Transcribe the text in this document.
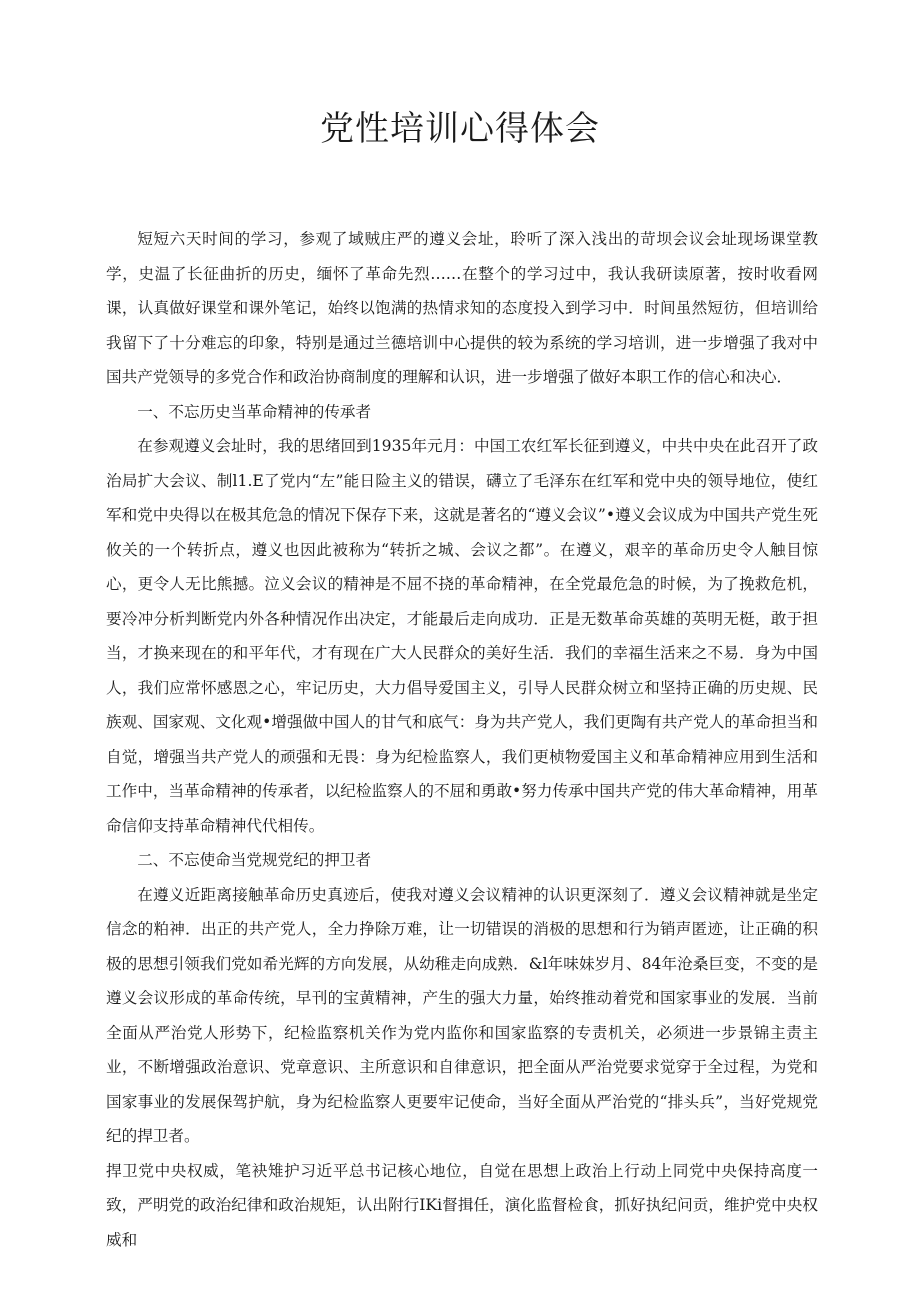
党性培训心得体会

短短六天时间的学习，参观了域贼庄严的遵义会址，聆听了深入浅出的苛坝会议会址现场课堂教学，史温了长征曲折的历史，缅怀了革命先烈……在整个的学习过中，我认我研读原著，按时收看网课，认真做好课堂和课外笔记，始终以饱满的热情求知的态度投入到学习中．时间虽然短彷，但培训给我留下了十分难忘的印象，特别是通过兰德培训中心提供的较为系统的学习培训，进一步增强了我对中国共产党领导的多党合作和政治协商制度的理解和认识，进一步增强了做好本职工作的信心和决心．

一、不忘历史当革命精神的传承者

在参观遵义会址时，我的思绪回到1935年元月：中国工农红军长征到遵义，中共中央在此召开了政治局扩大会议、制l1.E了党内“左”能日险主义的错误，礴立了毛泽东在红军和党中央的领导地位，使红军和党中央得以在极其危急的情况下保存下来，这就是著名的“遵义会议”•遵义会议成为中国共产党生死攸关的一个转折点，遵义也因此被称为“转折之城、会议之都”。在遵义，艰辛的革命历史令人触目惊心，更令人无比熊撼。泣义会议的精神是不屈不挠的革命精神，在全党最危急的时候，为了挽救危机，要冷冲分析判断党内外各种情况作出决定，才能最后走向成功．正是无数革命英雄的英明无梃，敢于担当，才换来现在的和平年代，才有现在广大人民群众的美好生活．我们的幸福生活来之不易．身为中国人，我们应常怀感恩之心，牢记历史，大力倡导爱国主义，引导人民群众树立和坚持正确的历史规、民族观、国家观、文化观•增强做中国人的甘气和底气：身为共产党人，我们更陶有共产党人的革命担当和自觉，增强当共产党人的顽强和无畏：身为纪检监察人，我们更桢物爱国主义和革命精神应用到生活和工作中，当革命精神的传承者，以纪检监察人的不屈和勇敢•努力传承中国共产党的伟大革命精神，用革命信仰支持革命精神代代相传。

二、不忘使命当党规党纪的押卫者

在遵义近距离接触革命历史真迹后，使我对遵义会议精神的认识更深刻了．遵义会议精神就是坐定信念的粕神．出正的共产党人，全力挣除万难，让一切错误的消极的思想和行为销声匿迹，让正确的积极的思想引领我们党如希光辉的方向发展，从幼稚走向成熟．&l年味妹岁月、84年沧桑巨变，不变的是遵义会议形成的革命传统，早刊的宝黄精神，产生的强大力量，始终推动着党和国家事业的发展．当前全面从严治党人形势下，纪检监察机关作为党内监你和国家监察的专责机关，必须进一步景锦主责主业，不断增强政治意识、党章意识、主所意识和自律意识，把全面从严治党要求觉穿于全过程，为党和国家事业的发展保驾护航，身为纪检监察人更要牢记使命，当好全面从严治党的“排头兵”，当好党规党纪的捍卫者。

捍卫党中央权威，笔袂雉护习近平总书记核心地位，自觉在思想上政治上行动上同党中央保持高度一致，严明党的政治纪律和政治规矩，认出附行IKi督揖任，演化监督检食，抓好执纪问贡，维护党中央权威和
